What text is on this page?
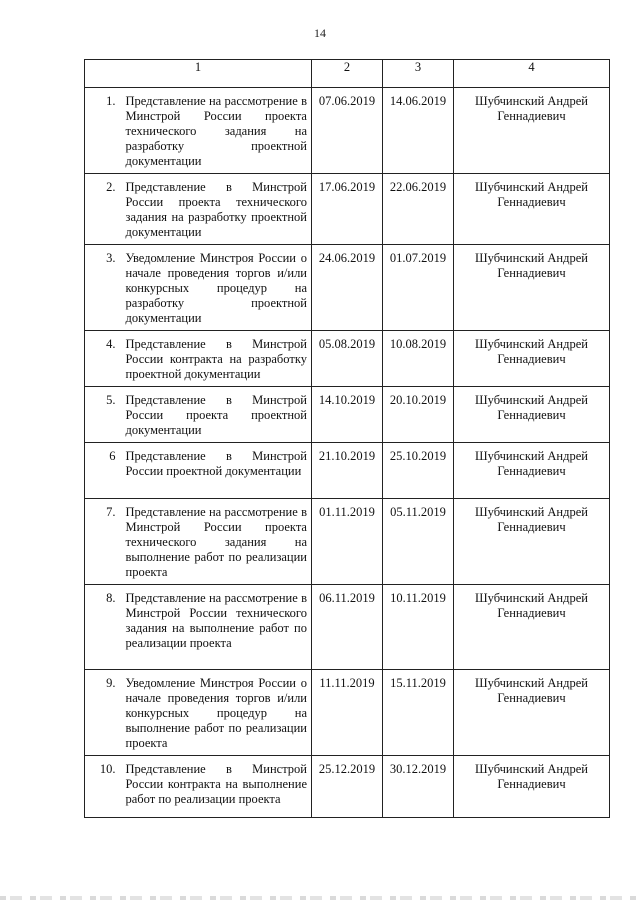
14
1		2	3	4
1.	Представление на рассмотрение в Минстрой России проекта технического задания на разработку проектной документации	07.06.2019	14.06.2019	Шубчинский Андрей Геннадиевич
2.	Представление в Минстрой России проекта технического задания на разработку проектной документации	17.06.2019	22.06.2019	Шубчинский Андрей Геннадиевич
3.	Уведомление Минстроя России о начале проведения торгов и/или конкурсных процедур на разработку проектной документации	24.06.2019	01.07.2019	Шубчинский Андрей Геннадиевич
4.	Представление в Минстрой России контракта на разработку проектной документации	05.08.2019	10.08.2019	Шубчинский Андрей Геннадиевич
5.	Представление в Минстрой России проекта проектной документации	14.10.2019	20.10.2019	Шубчинский Андрей Геннадиевич
6	Представление в Минстрой России проектной документации	21.10.2019	25.10.2019	Шубчинский Андрей Геннадиевич
7.	Представление на рассмотрение в Минстрой России проекта технического задания на выполнение работ по реализации проекта	01.11.2019	05.11.2019	Шубчинский Андрей Геннадиевич
8.	Представление на рассмотрение в Минстрой России технического задания на выполнение работ по реализации проекта	06.11.2019	10.11.2019	Шубчинский Андрей Геннадиевич
9.	Уведомление Минстроя России о начале проведения торгов и/или конкурсных процедур на выполнение работ по реализации проекта	11.11.2019	15.11.2019	Шубчинский Андрей Геннадиевич
10.	Представление в Минстрой России контракта на выполнение работ по реализации проекта	25.12.2019	30.12.2019	Шубчинский Андрей Геннадиевич
